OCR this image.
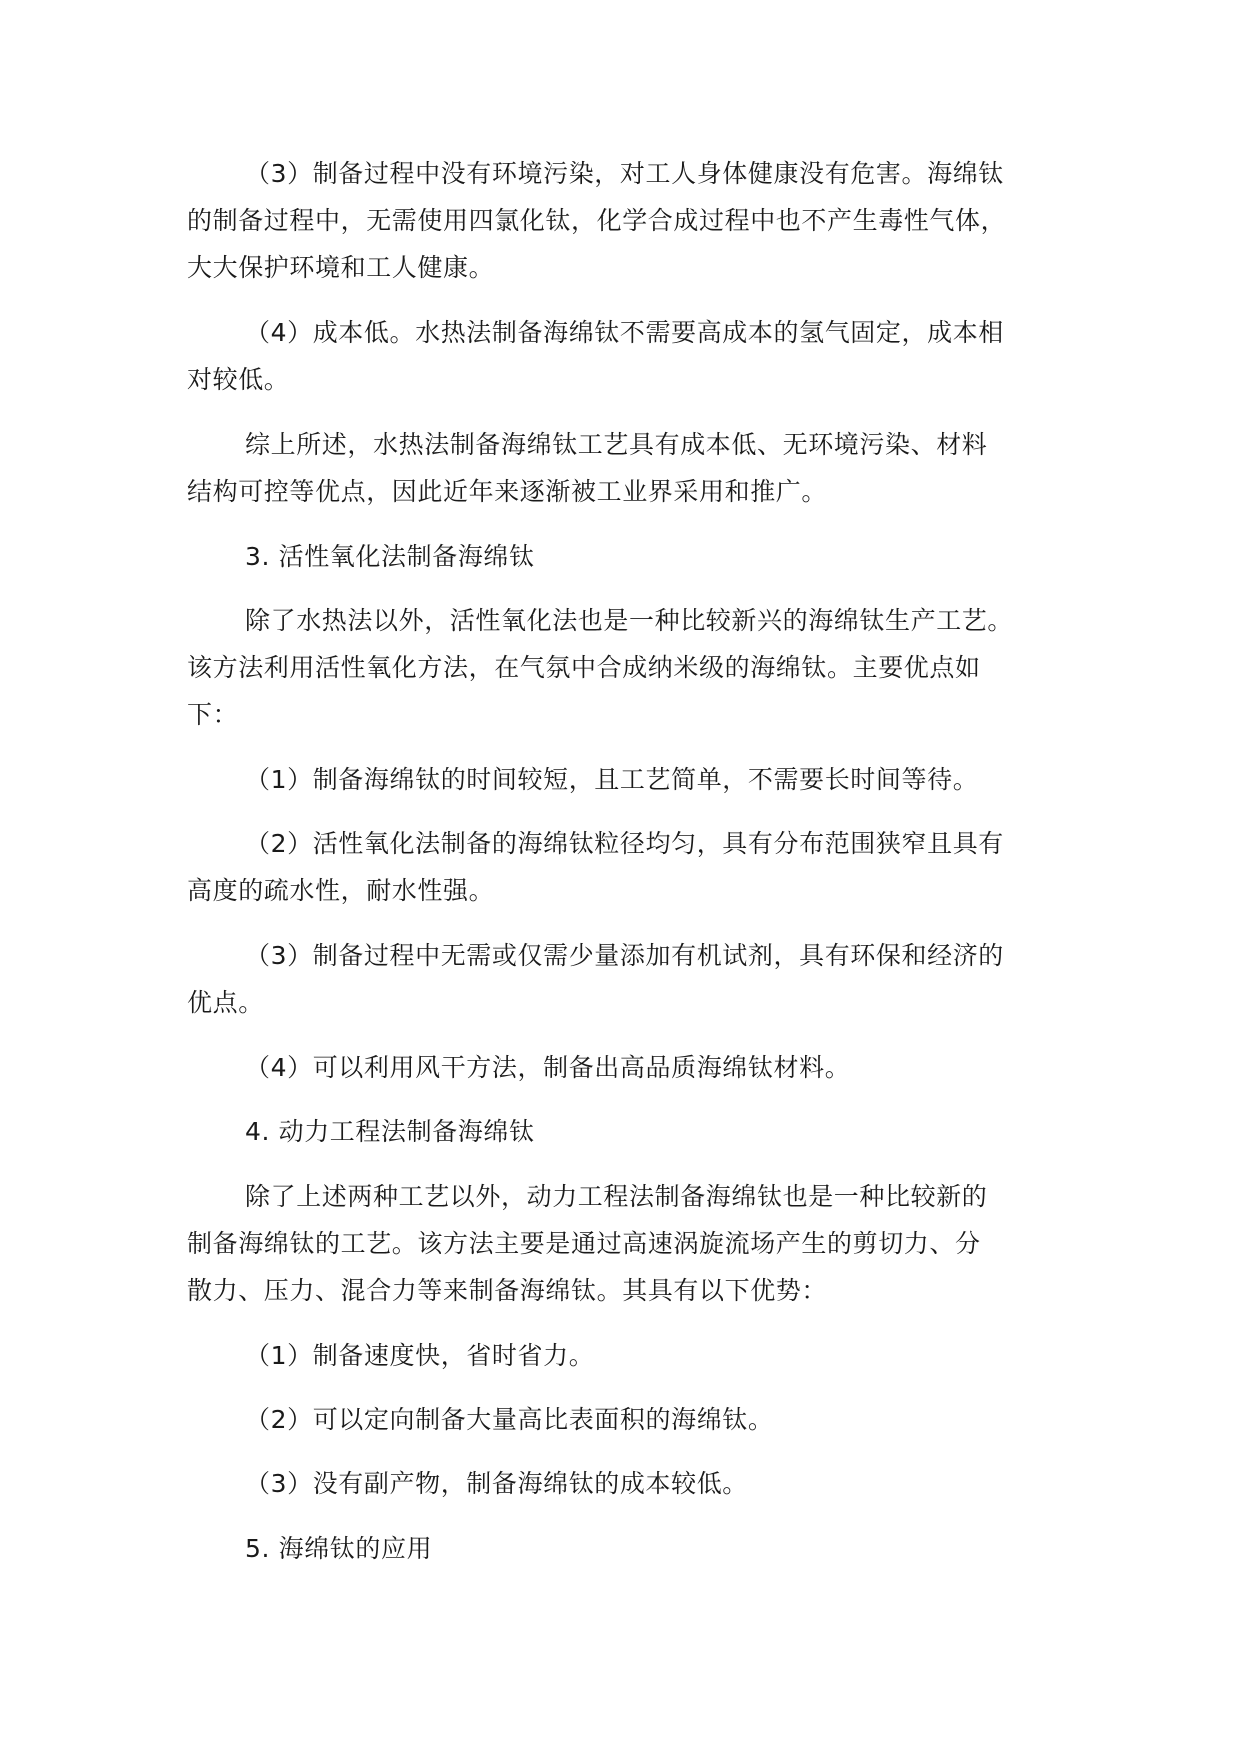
（3）制备过程中没有环境污染，对工人身体健康没有危害。海绵钛
的制备过程中，无需使用四氯化钛，化学合成过程中也不产生毒性气体，
大大保护环境和工人健康。
（4）成本低。水热法制备海绵钛不需要高成本的氢气固定，成本相
对较低。
综上所述，水热法制备海绵钛工艺具有成本低、无环境污染、材料
结构可控等优点，因此近年来逐渐被工业界采用和推广。
3. 活性氧化法制备海绵钛
除了水热法以外，活性氧化法也是一种比较新兴的海绵钛生产工艺。
该方法利用活性氧化方法，在气氛中合成纳米级的海绵钛。主要优点如
下：
（1）制备海绵钛的时间较短，且工艺简单，不需要长时间等待。
（2）活性氧化法制备的海绵钛粒径均匀，具有分布范围狭窄且具有
高度的疏水性，耐水性强。
（3）制备过程中无需或仅需少量添加有机试剂，具有环保和经济的
优点。
（4）可以利用风干方法，制备出高品质海绵钛材料。
4. 动力工程法制备海绵钛
除了上述两种工艺以外，动力工程法制备海绵钛也是一种比较新的
制备海绵钛的工艺。该方法主要是通过高速涡旋流场产生的剪切力、分
散力、压力、混合力等来制备海绵钛。其具有以下优势：
（1）制备速度快，省时省力。
（2）可以定向制备大量高比表面积的海绵钛。
（3）没有副产物，制备海绵钛的成本较低。
5. 海绵钛的应用
